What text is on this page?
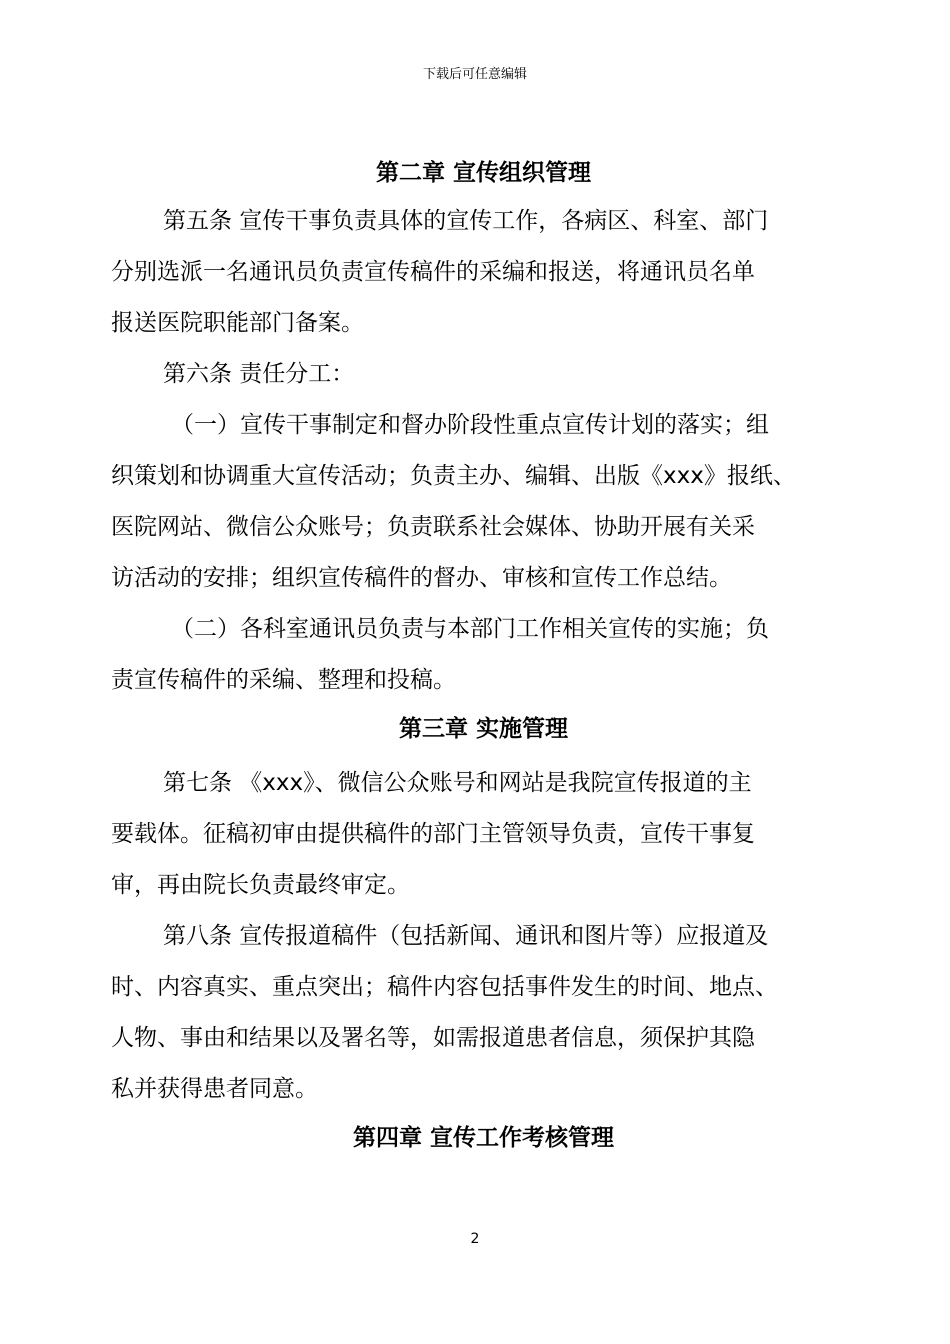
下载后可任意编辑
第二章 宣传组织管理

第五条 宣传干事负责具体的宣传工作，各病区、科室、部门
分别选派一名通讯员负责宣传稿件的采编和报送，将通讯员名单
报送医院职能部门备案。

第六条 责任分工：

（一）宣传干事制定和督办阶段性重点宣传计划的落实；组
织策划和协调重大宣传活动；负责主办、编辑、出版《xxx》报纸、
医院网站、微信公众账号；负责联系社会媒体、协助开展有关采
访活动的安排；组织宣传稿件的督办、审核和宣传工作总结。

（二）各科室通讯员负责与本部门工作相关宣传的实施；负
责宣传稿件的采编、整理和投稿。

第三章 实施管理

第七条 《xxx》、微信公众账号和网站是我院宣传报道的主
要载体。征稿初审由提供稿件的部门主管领导负责，宣传干事复
审，再由院长负责最终审定。

第八条 宣传报道稿件（包括新闻、通讯和图片等）应报道及
时、内容真实、重点突出；稿件内容包括事件发生的时间、地点、
人物、事由和结果以及署名等，如需报道患者信息，须保护其隐
私并获得患者同意。

第四章 宣传工作考核管理
2
